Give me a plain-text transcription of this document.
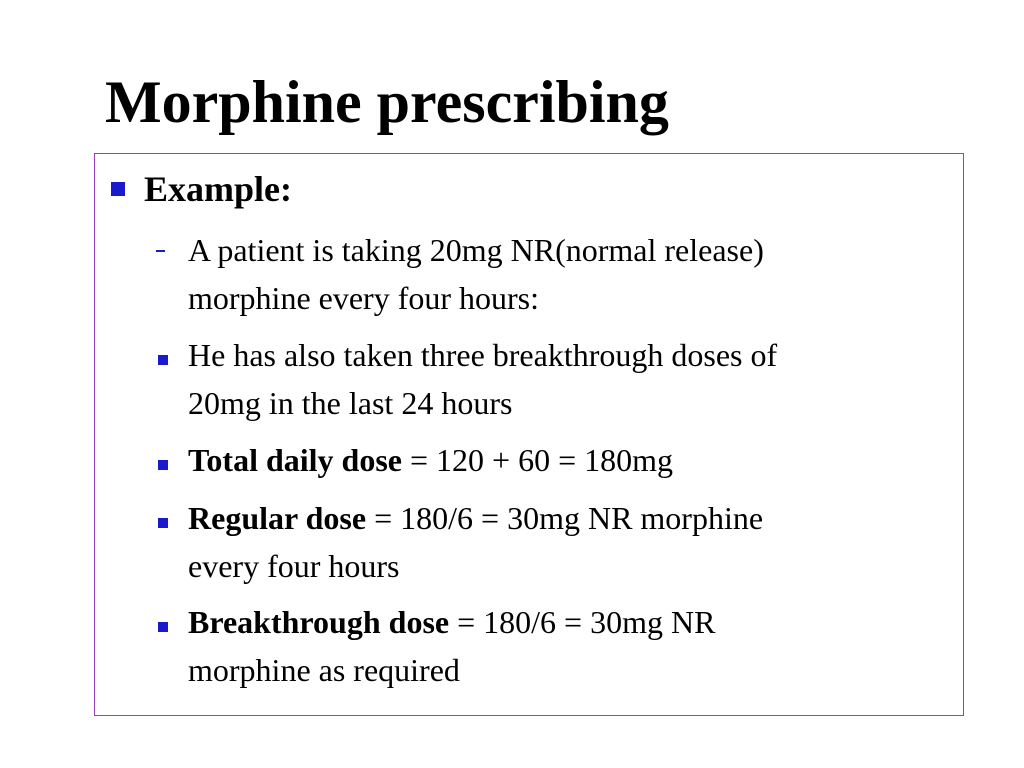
Morphine prescribing
Example:
A patient is taking 20mg NR(normal release)
morphine every four hours:
He has also taken three breakthrough doses of
20mg in the last 24 hours
Total daily dose = 120 + 60 = 180mg
Regular dose = 180/6 = 30mg NR morphine
every four hours
Breakthrough dose = 180/6 = 30mg NR
morphine as required
